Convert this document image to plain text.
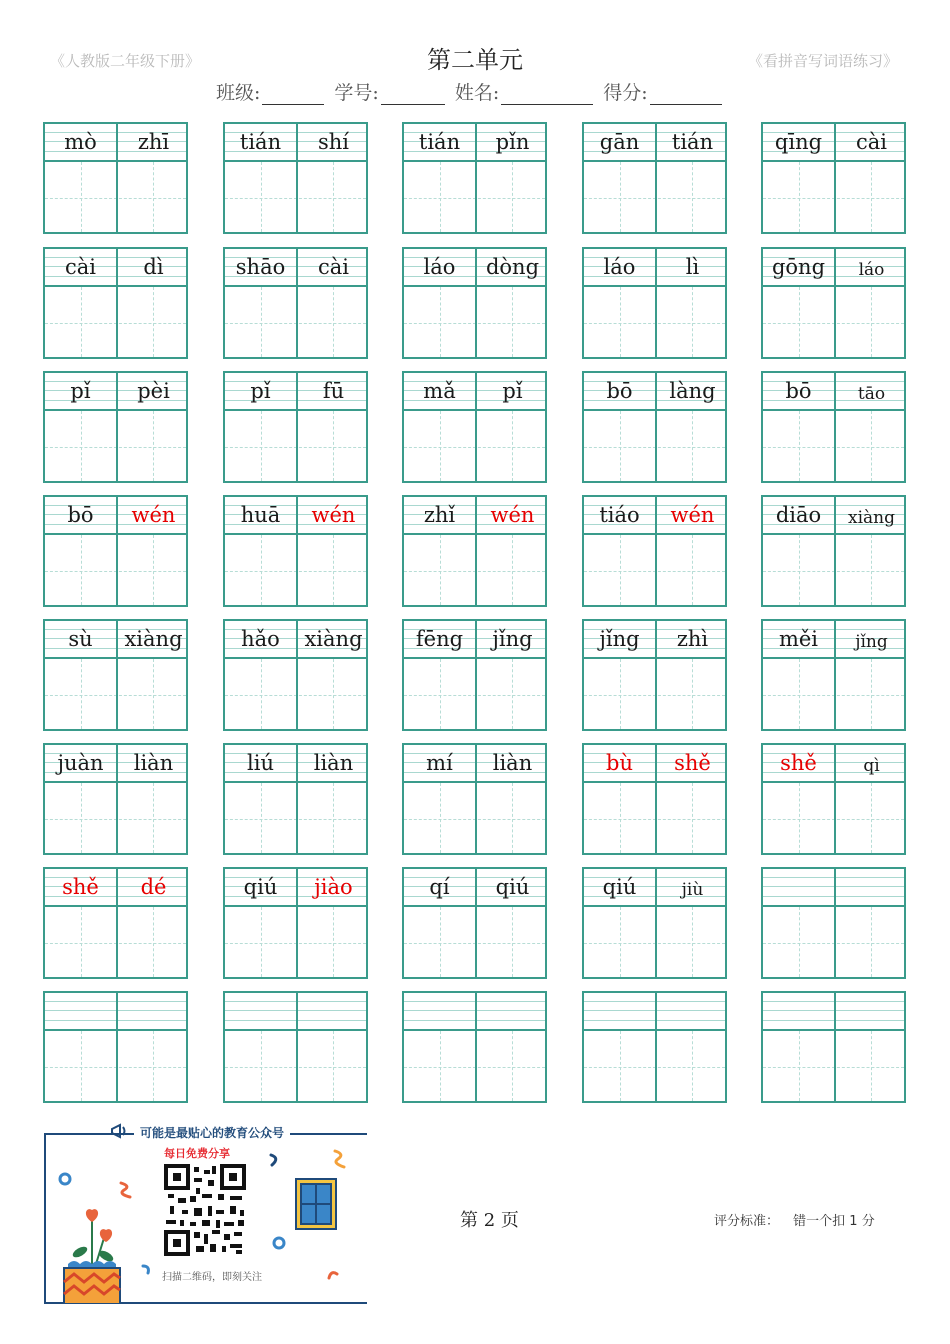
《人教版二年级下册》	第二单元	《看拼音写词语练习》
班级:	学号:	姓名:	得分:
mò	zhī	tián	shí	tián	pǐn	gān	tián	qīng	cài
cài	dì	shāo	cài	láo	dòng	láo	lì	gōng	láo
pǐ	pèi	pǐ	fū	mǎ	pǐ	bō	làng	bō	tāo
bō	wén	huā	wén	zhǐ	wén	tiáo	wén	diāo	xiàng
sù	xiàng	hǎo	xiàng	fēng	jǐng	jǐng	zhì	měi	jǐng
juàn	liàn	liú	liàn	mí	liàn	bù	shě	shě	qì
shě	dé	qiú	jiào	qí	qiú	qiú	jiù
可能是最贴心的教育公众号
每日免费分享
扫描二维码，即刻关注
第 2 页	评分标准： 错一个扣 1 分
